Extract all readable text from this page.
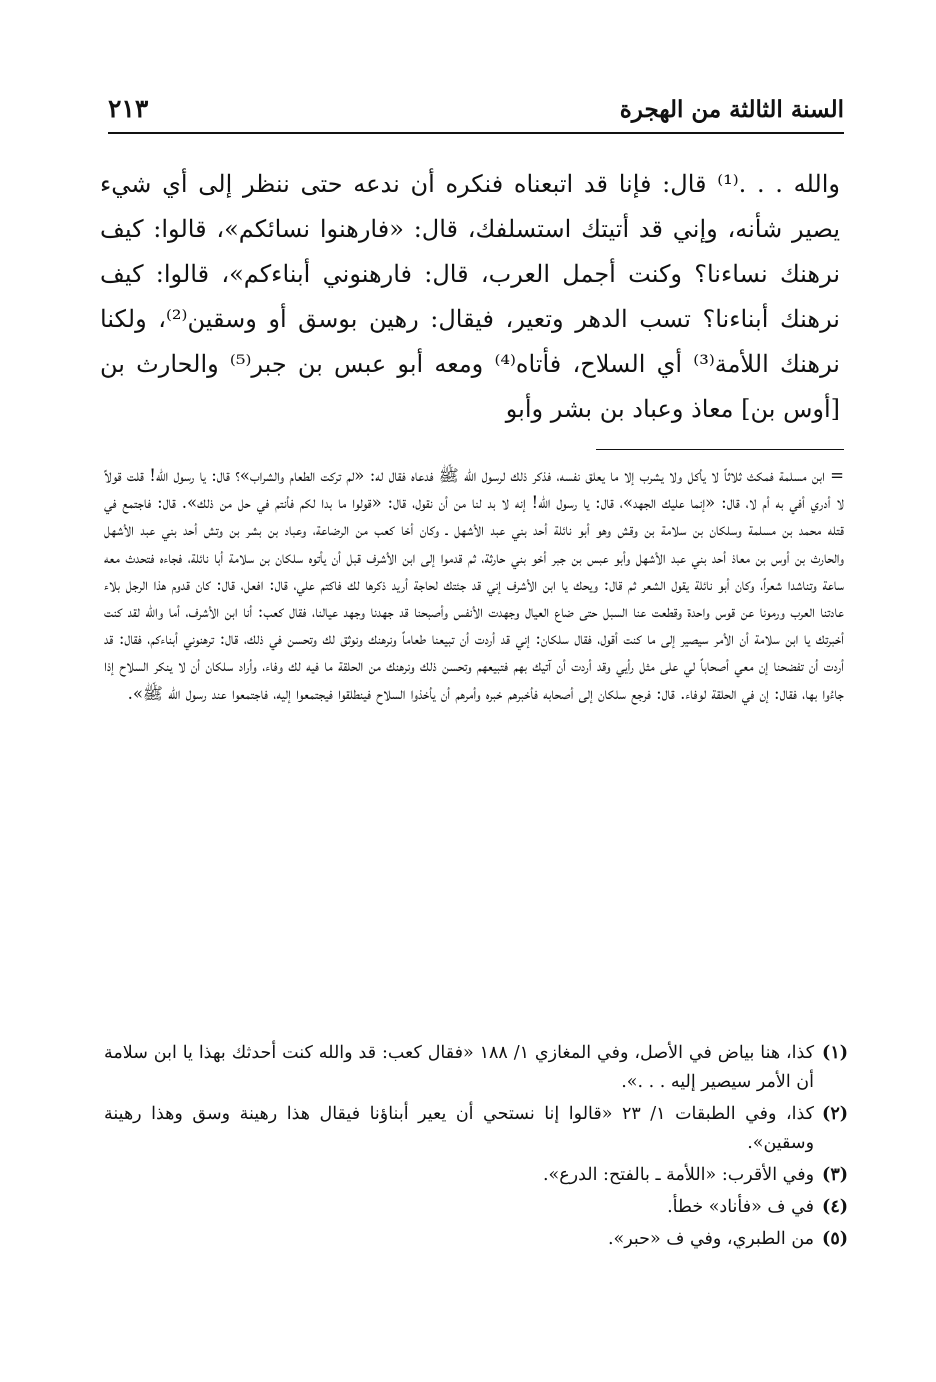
السنة الثالثة من الهجرة
٢١٣

والله . . .⁽¹⁾ قال: فإنا قد اتبعناه فنكره أن ندعه حتى ننظر إلى أي شيء يصير شأنه، وإني قد أتيتك استسلفك، قال: «فارهنوا نسائكم»، قالوا: كيف نرهنك نساءنا؟ وكنت أجمل العرب، قال: فارهنوني أبناءكم»، قالوا: كيف نرهنك أبناءنا؟ تسب الدهر وتعير، فيقال: رهين بوسق أو وسقين⁽²⁾، ولكنا نرهنك اللأمة⁽³⁾ أي السلاح، فأتاه⁽⁴⁾ ومعه أبو عبس بن جبر⁽⁵⁾ والحارث بن [أوس بن] معاذ وعباد بن بشر وأبو

= ابن مسلمة فمكث ثلاثاً لا يأكل ولا يشرب إلا ما يعلق نفسه، فذكر ذلك لرسول الله ﷺ فدعاه فقال له: «لم تركت الطعام والشراب»؟ قال: يا رسول الله! قلت قولاً لا أدري أفي به أم لا، قال: «إنما عليك الجهد»، قال: يا رسول الله! إنه لا بد لنا من أن نقول، قال: «قولوا ما بدا لكم فأنتم في حل من ذلك». قال: فاجتمع في قتله محمد بن مسلمة وسلكان بن سلامة بن وقش وهو أبو نائلة أحد بني عبد الأشهل ـ وكان أخا كعب من الرضاعة، وعباد بن بشر بن وتش أحد بني عبد الأشهل والحارث بن أوس بن معاذ أحد بني عبد الأشهل وأبو عبس بن جبر أخو بني حارثة، ثم قدموا إلى ابن الأشرف قبل أن يأتوه سلكان بن سلامة أبا نائلة، فجاءه فتحدث معه ساعة وتناشدا شعراً، وكان أبو نائلة يقول الشعر ثم قال: ويحك يا ابن الأشرف إني قد جئتك لحاجة أريد ذكرها لك فاكتم علي، قال: افعل، قال: كان قدوم هذا الرجل بلاء عادتنا العرب ورمونا عن قوس واحدة وقطعت عنا السبل حتى ضاع العيال وجهدت الأنفس وأصبحنا قد جهدنا وجهد عيالنا، فقال كعب: أنا ابن الأشرف، أما والله لقد كنت أخبرتك يا ابن سلامة أن الأمر سيصير إلى ما كنت أقول، فقال سلكان: إني قد أردت أن تبيعنا طعاماً ونرهنك ونوثق لك وتحسن في ذلك، قال: ترهنوني أبناءكم، فقال: قد أردت أن تفضحنا إن معي أصحاباً لي على مثل رأيي وقد أردت أن آتيك بهم فتبيعهم وتحسن ذلك ونرهنك من الحلقة ما فيه لك وفاء، وأراد سلكان أن لا ينكر السلاح إذا جاءُوا بها، فقال: إن في الحلقة لوفاء. قال: فرجع سلكان إلى أصحابه فأخبرهم خبره وأمرهم أن يأخذوا السلاح فينطلقوا فيجتمعوا إليه، فاجتمعوا عند رسول الله ﷺ».

(١)
كذا، هنا بياض في الأصل، وفي المغازي ١/ ١٨٨ «فقال كعب: قد والله كنت أحدثك بهذا يا ابن سلامة أن الأمر سيصير إليه . . .».
(٢)
كذا، وفي الطبقات ١/ ٢٣ «قالوا إنا نستحي أن يعير أبناؤنا فيقال هذا رهينة وسق وهذا رهينة وسقين».
(٣)
وفي الأقرب: «اللأمة ـ بالفتح: الدرع».
(٤)
في ف «فأناد» خطأ.
(٥)
من الطبري، وفي ف «حبر».
